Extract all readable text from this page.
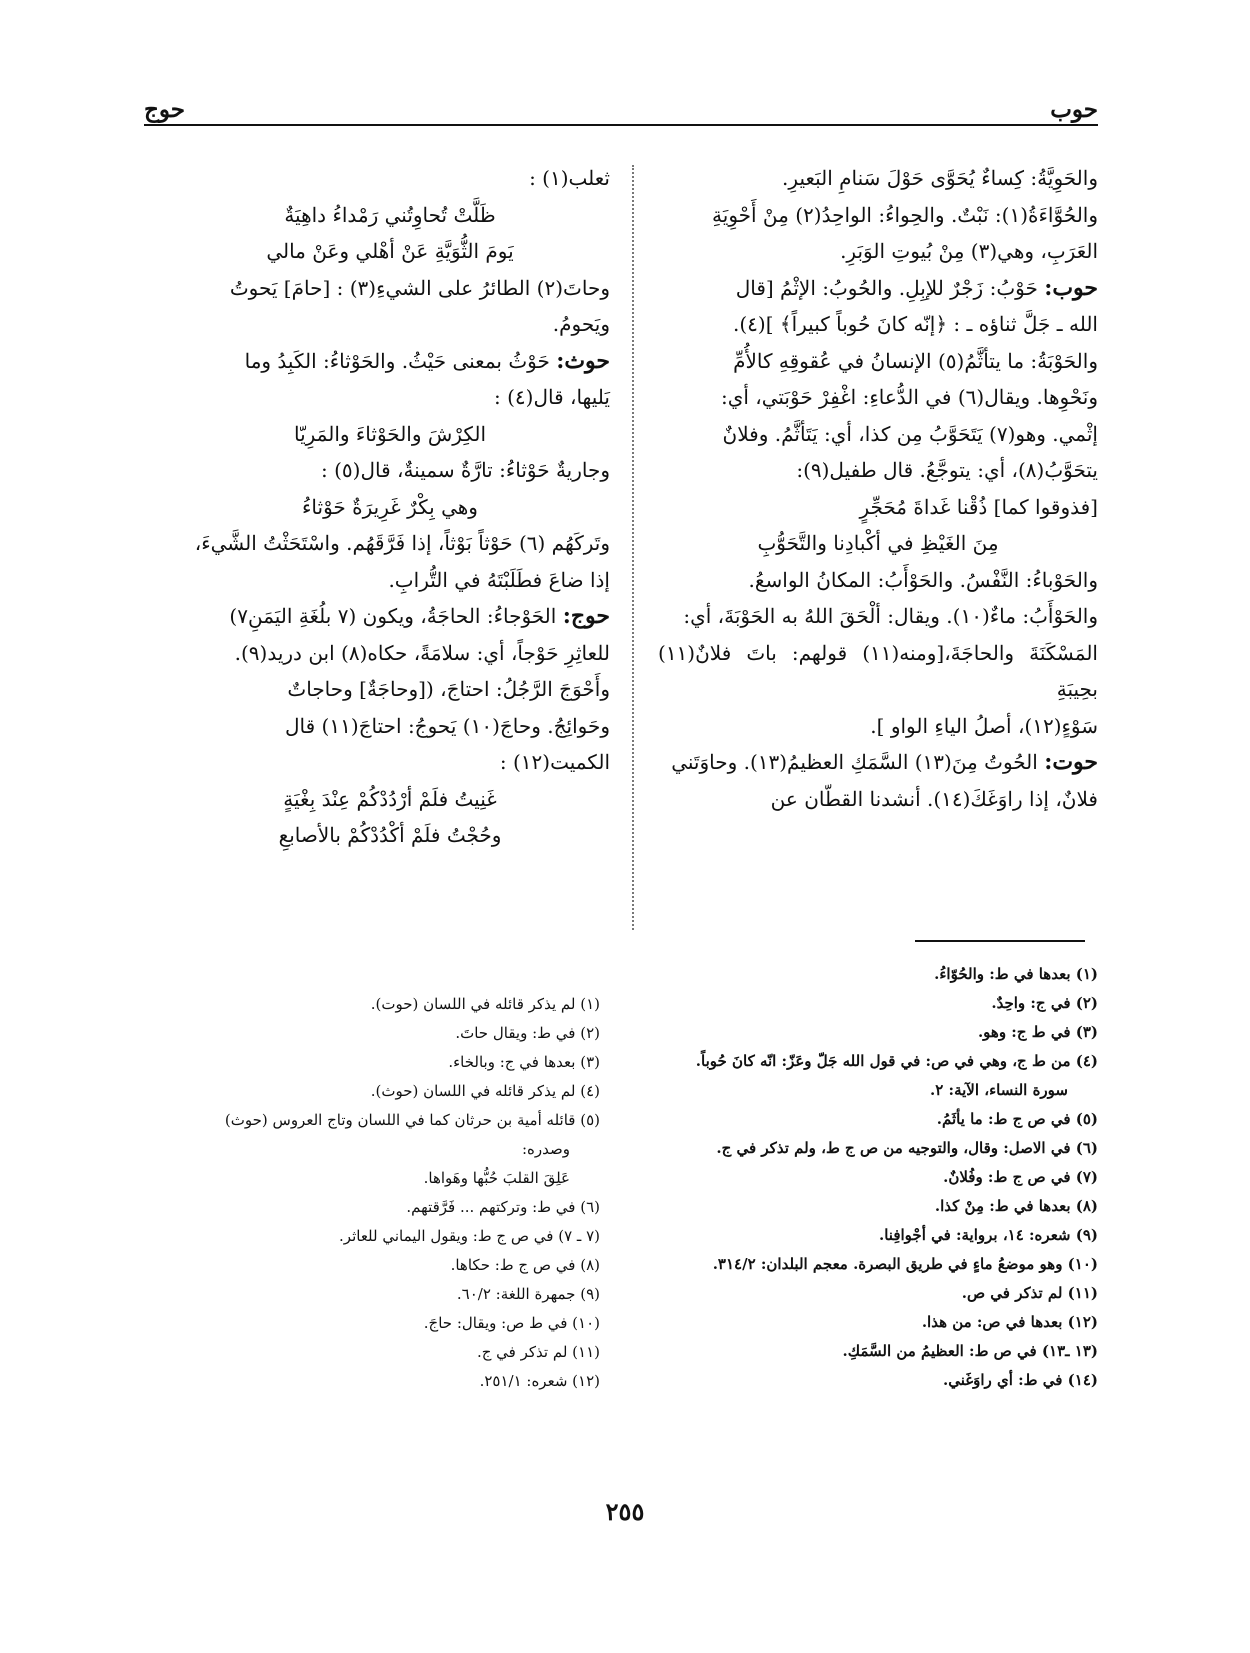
حوب
حوج

والحَوِيَّةُ: كِساءٌ يُحَوَّى حَوْلَ سَنامِ البَعيرِ.

والحُوَّاءَةُ(١): نَبْتٌ. والحِواءُ: الواحِدُ(٢) مِنْ أَحْوِيَةِ

العَرَبِ، وهي(٣) مِنْ بُيوتِ الوَبَرِ.

حوب: حَوْبُ: زَجْرٌ للإبِلِ. والحُوبُ: الإثْمُ [قال

الله ـ جَلَّ ثناؤه ـ : ﴿إنّه كانَ حُوباً كبيراً﴾ ](٤).

والحَوْبَةُ: ما يتأثَّمُ(٥) الإنسانُ في عُقوقِهِ كالأُمِّ

ونَحْوِها. ويقال(٦) في الدُّعاءِ: اغْفِرْ حَوْبَتي، أي:

إثْمي. وهو(٧) يَتَحَوَّبُ مِن كذا، أي: يَتَأثَّمُ. وفلانٌ

يتحَوَّبُ(٨)، أي: يتوجَّعُ. قال طفيل(٩):

[فذوقوا كما] ذُقْنا غَداةَ مُحَجِّرٍ

مِنَ الغَيْظِ في أكْبادِنا والتَّحَوُّبِ

والحَوْباءُ: النَّفْسُ. والحَوْأَبُ: المكانُ الواسعُ.

والحَوْأَبُ: ماءٌ(١٠). ويقال: ألْحَقَ اللهُ به الحَوْبَةَ، أي:

المَسْكَنَةَ والحاجَةَ،[ومنه(١١) قولهم: باتَ فلانٌ(١١) بحِيبَةِ

سَوْءٍ(١٢)، أصلُ الياءِ الواو ].

حوت: الحُوتُ مِنَ(١٣) السَّمَكِ العظيمُ(١٣). وحاوَتَني

فلانٌ، إذا راوَغَكَ(١٤). أنشدنا القطّان عن

ثعلب(١) :

ظَلَّتْ تُحاوِتُني رَمْداءُ داهِيَةٌ

يَومَ الثُّوَيَّةِ عَنْ أهْلي وعَنْ مالي

وحاتَ(٢) الطائرُ على الشيءِ(٣) : [حامَ] يَحوتُ

ويَحومُ.

حوث: حَوْثُ بمعنى حَيْثُ. والحَوْثاءُ: الكَبِدُ وما

يَليها، قال(٤) :

الكِرْشَ والحَوْثاءَ والمَرِيّا

وجاريةٌ حَوْثاءُ: تارَّةٌ سمينةٌ، قال(٥) :

وهي بِكْرٌ غَرِيرَةٌ حَوْثاءُ

وتَركَهُم (٦) حَوْثاً بَوْثاً، إذا فَرَّقَهُم. واسْتَحَثْتُ الشَّيءَ،

إذا ضاعَ فطَلَبْتَهُ في التُّرابِ.

حوج: الحَوْجاءُ: الحاجَةُ، ويكون (٧ بلُغَةِ اليَمَنِ٧)

للعاثِرِ حَوْجاً، أي: سلامَةً، حكاه(٨) ابن دريد(٩).

وأَحْوَجَ الرَّجُلُ: احتاجَ، ([وحاجَةٌ] وحاجاتٌ

وحَوائِجُ. وحاجَ(١٠) يَحوجُ: احتاجَ(١١) قال

الكميت(١٢) :

غَنِيتُ فلَمْ أرْدُدْكُمْ عِنْدَ بِغْيَةٍ

وحُجْتُ فلَمْ أكْدُدْكُمْ بالأصابعِ

(١) بعدها في ط: والحُوّاءُ.

(٢) في ج: واحِدٌ.

(٣) في ط ج: وهو.

(٤) من ط ج، وهي في ص: في قول الله جَلّ وعَزّ: انّه كانَ حُوباً.

سورة النساء، الآية: ٢.

(٥) في ص ج ط: ما يأثَمُ.

(٦) في الاصل: وقال، والتوجيه من ص ج ط، ولم تذكر في ج.

(٧) في ص ج ط: وفُلانٌ.

(٨) بعدها في ط: مِنْ كذا.

(٩) شعره: ١٤، برواية: في أجْوافِنا.

(١٠) وهو موضعُ ماءٍ في طريق البصرة. معجم البلدان: ٣١٤/٢.

(١١) لم تذكر في ص.

(١٢) بعدها في ص: من هذا.

(١٣ ـ١٣) في ص ط: العظيمُ من السَّمَكِ.

(١٤) في ط: أي راوَغَني.

(١) لم يذكر قائله في اللسان (حوت).

(٢) في ط: ويقال حاتَ.

(٣) بعدها في ج: وبالخاء.

(٤) لم يذكر قائله في اللسان (حوث).

(٥) قائله أمية بن حرثان كما في اللسان وتاج العروس (حوث)

وصدره:

عَلِقَ القلبَ حُبُّها وهَواها.

(٦) في ط: وتركتهم ... فَرَّقتهم.

(٧ ـ ٧) في ص ج ط: ويقول اليماني للعاثر.

(٨) في ص ج ط: حكاها.

(٩) جمهرة اللغة: ٦٠/٢.

(١٠) في ط ص: ويقال: حاجَ.

(١١) لم تذكر في ج.

(١٢) شعره: ٢٥١/١.

٢٥٥
